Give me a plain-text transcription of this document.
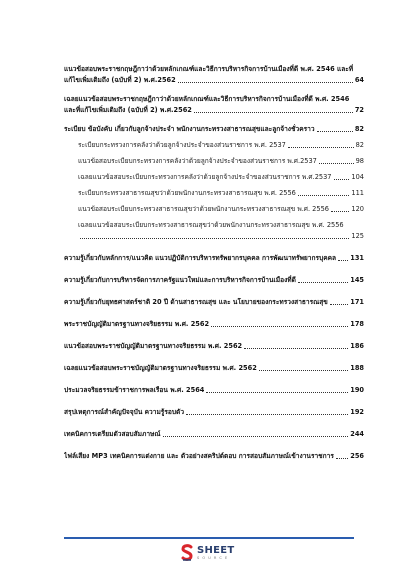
แนวข้อสอบพระราชกฤษฎีกาว่าด้วยหลักเกณฑ์และวิธีการบริหารกิจการบ้านเมืองที่ดี พ.ศ. 2546 และที่
แก้ไขเพิ่มเติมถึง (ฉบับที่ 2) พ.ศ.2562	64
เฉลยแนวข้อสอบพระราชกฤษฎีกาว่าด้วยหลักเกณฑ์และวิธีการบริหารกิจการบ้านเมืองที่ดี พ.ศ. 2546
และที่แก้ไขเพิ่มเติมถึง (ฉบับที่ 2) พ.ศ.2562	72
ระเบียบ ข้อบังคับ เกี่ยวกับลูกจ้างประจำ พนักงานกระทรวงสาธารณสุขและลูกจ้างชั่วคราว	82
ระเบียบกระทรวงการคลังว่าด้วยลูกจ้างประจำของส่วนราชการ พ.ศ. 2537	82
แนวข้อสอบระเบียบกระทรวงการคลังว่าด้วยลูกจ้างประจำของส่วนราชการ พ.ศ.2537	98
เฉลยแนวข้อสอบระเบียบกระทรวงการคลังว่าด้วยลูกจ้างประจำของส่วนราชการ พ.ศ.2537	104
ระเบียบกระทรวงสาธารณสุขว่าด้วยพนักงานกระทรวงสาธารณสุข พ.ศ. 2556	111
แนวข้อสอบระเบียบกระทรวงสาธารณสุขว่าด้วยพนักงานกระทรวงสาธารณสุข พ.ศ. 2556	120
เฉลยแนวข้อสอบระเบียบกระทรวงสาธารณสุขว่าด้วยพนักงานกระทรวงสาธารณสุข พ.ศ. 2556
125
ความรู้เกี่ยวกับหลักการ/แนวคิด แนวปฏิบัติการบริหารทรัพยากรบุคคล การพัฒนาทรัพยากรบุคคล 131
ความรู้เกี่ยวกับการบริหารจัดการภาครัฐแนวใหม่และการบริหารกิจการบ้านเมืองที่ดี	145
ความรู้เกี่ยวกับยุทธศาสตร์ชาติ 20 ปี ด้านสาธารณสุข และ นโยบายของกระทรวงสาธารณสุข	171
พระราชบัญญัติมาตรฐานทางจริยธรรม พ.ศ. 2562	178
แนวข้อสอบพระราชบัญญัติมาตรฐานทางจริยธรรม พ.ศ. 2562	186
เฉลยแนวข้อสอบพระราชบัญญัติมาตรฐานทางจริยธรรม พ.ศ. 2562	188
ประมวลจริยธรรมข้าราชการพลเรือน พ.ศ. 2564	190
สรุปเหตุการณ์สำคัญปัจจุบัน ความรู้รอบตัว	192
เทคนิคการเตรียมตัวสอบสัมภาษณ์	244
ไฟล์เสียง MP3 เทคนิคการแต่งกาย และ ตัวอย่างสคริปต์ตอบ การสอบสัมภาษณ์เข้างานราชการ 256
SHEET
S O U R C E
